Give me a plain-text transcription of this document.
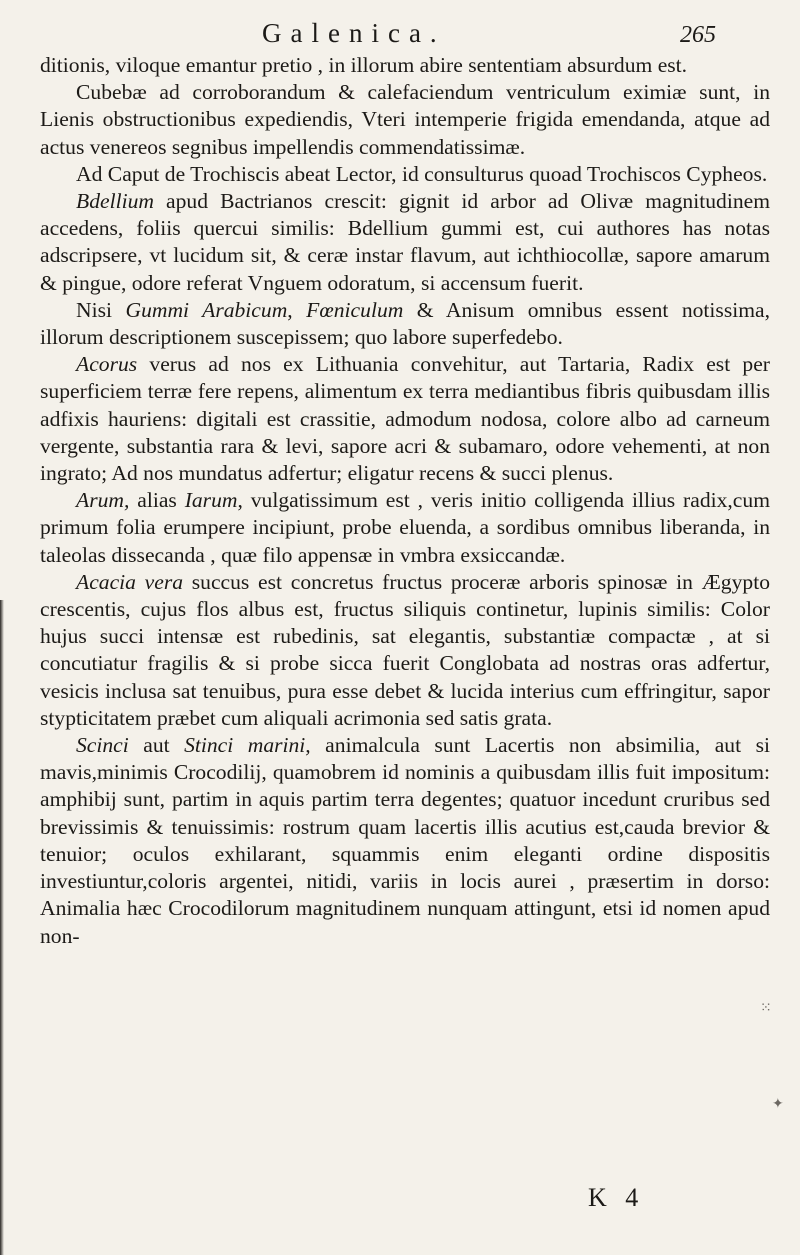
Galenica.	265

ditionis, viloque emantur pretio , in illorum abire sententiam absurdum est.

Cubebæ ad corroborandum & calefaciendum ventriculum eximiæ sunt, in Lienis obstructionibus expediendis, Vteri intemperie frigida emendanda, atque ad actus venereos segnibus impellendis commendatissimæ.

Ad Caput de Trochiscis abeat Lector, id consulturus quoad Trochiscos Cypheos.

Bdellium apud Bactrianos crescit: gignit id arbor ad Olivæ magnitudinem accedens, foliis quercui similis: Bdellium gummi est, cui authores has notas adscripsere, vt lucidum sit, & ceræ instar flavum, aut ichthiocollæ, sapore amarum & pingue, odore referat Vnguem odoratum, si accensum fuerit.

Nisi Gummi Arabicum, Fœniculum & Anisum omnibus essent notissima, illorum descriptionem suscepissem; quo labore superfedebo.

Acorus verus ad nos ex Lithuania convehitur, aut Tartaria, Radix est per superficiem terræ fere repens, alimentum ex terra mediantibus fibris quibusdam illis adfixis hauriens: digitali est crassitie, admodum nodosa, colore albo ad carneum vergente, substantia rara & levi, sapore acri & subamaro, odore vehementi, at non ingrato; Ad nos mundatus adfertur; eligatur recens & succi plenus.

Arum, alias Iarum, vulgatissimum est , veris initio colligenda illius radix,cum primum folia erumpere incipiunt, probe eluenda, a sordibus omnibus liberanda, in taleolas dissecanda , quæ filo appensæ in vmbra exsiccandæ.

Acacia vera succus est concretus fructus proceræ arboris spinosæ in Ægypto crescentis, cujus flos albus est, fructus siliquis continetur, lupinis similis: Color hujus succi intensæ est rubedinis, sat elegantis, substantiæ compactæ , at si concutiatur fragilis & si probe sicca fuerit Conglobata ad nostras oras adfertur, vesicis inclusa sat tenuibus, pura esse debet & lucida interius cum effringitur, sapor stypticitatem præbet cum aliquali acrimonia sed satis grata.

Scinci aut Stinci marini, animalcula sunt Lacertis non absimilia, aut si mavis,minimis Crocodilij, quamobrem id nominis a quibusdam illis fuit impositum: amphibij sunt, partim in aquis partim terra degentes; quatuor incedunt cruribus sed brevissimis & tenuissimis: rostrum quam lacertis illis acutius est,cauda brevior & tenuior; oculos exhilarant, squammis enim eleganti ordine dispositis investiuntur,coloris argentei, nitidi, variis in locis aurei , præsertim in dorso: Animalia hæc Crocodilorum magnitudinem nunquam attingunt, etsi id nomen apud non-

K 4
⁙
✦
